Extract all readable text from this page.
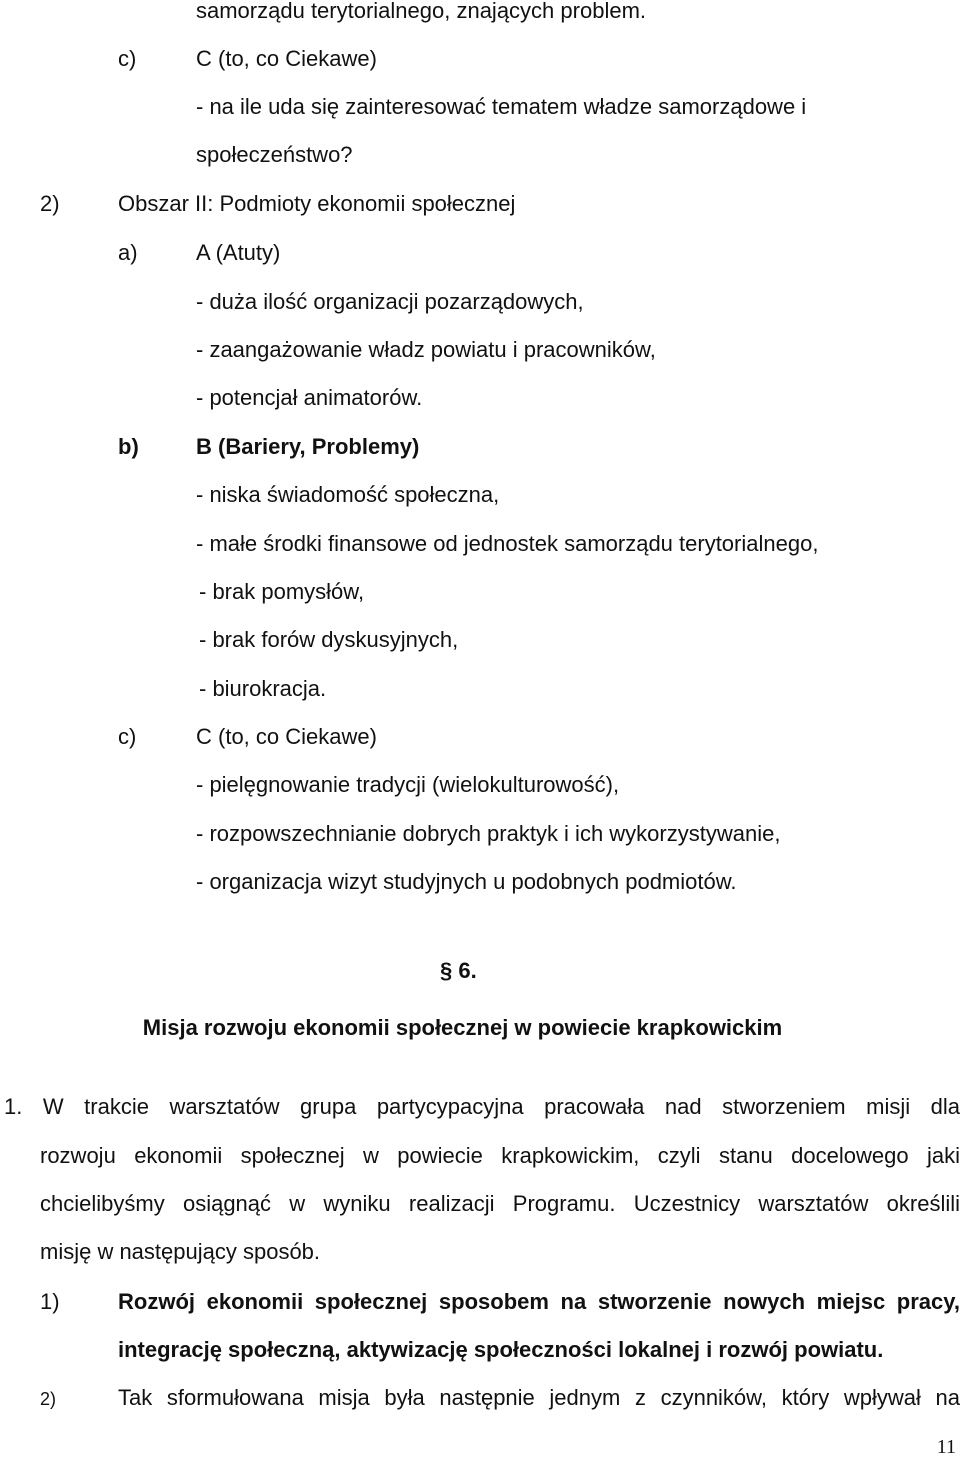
samorządu terytorialnego, znających problem.
c)	C (to, co Ciekawe)
- na ile uda się zainteresować tematem władze samorządowe i
społeczeństwo?
2)	Obszar II: Podmioty ekonomii społecznej
a)	A (Atuty)
- duża ilość organizacji pozarządowych,
- zaangażowanie władz powiatu i pracowników,
- potencjał animatorów.
b)	B (Bariery, Problemy)
- niska świadomość społeczna,
- małe środki finansowe od jednostek samorządu terytorialnego,
- brak pomysłów,
- brak forów dyskusyjnych,
- biurokracja.
c)	C (to, co Ciekawe)
- pielęgnowanie tradycji (wielokulturowość),
- rozpowszechnianie dobrych praktyk i ich wykorzystywanie,
- organizacja wizyt studyjnych u podobnych podmiotów.
§ 6.
Misja rozwoju ekonomii społecznej w powiecie krapkowickim
1. W trakcie warsztatów grupa partycypacyjna pracowała nad stworzeniem misji dla
rozwoju ekonomii społecznej w powiecie krapkowickim, czyli stanu docelowego jaki
chcielibyśmy osiągnąć w wyniku realizacji Programu. Uczestnicy warsztatów określili
misję w następujący sposób.
1)	Rozwój ekonomii społecznej sposobem na stworzenie nowych miejsc pracy,
integrację społeczną, aktywizację społeczności lokalnej i rozwój powiatu.
2)	Tak sformułowana misja była następnie jednym z czynników, który wpływał na
11
